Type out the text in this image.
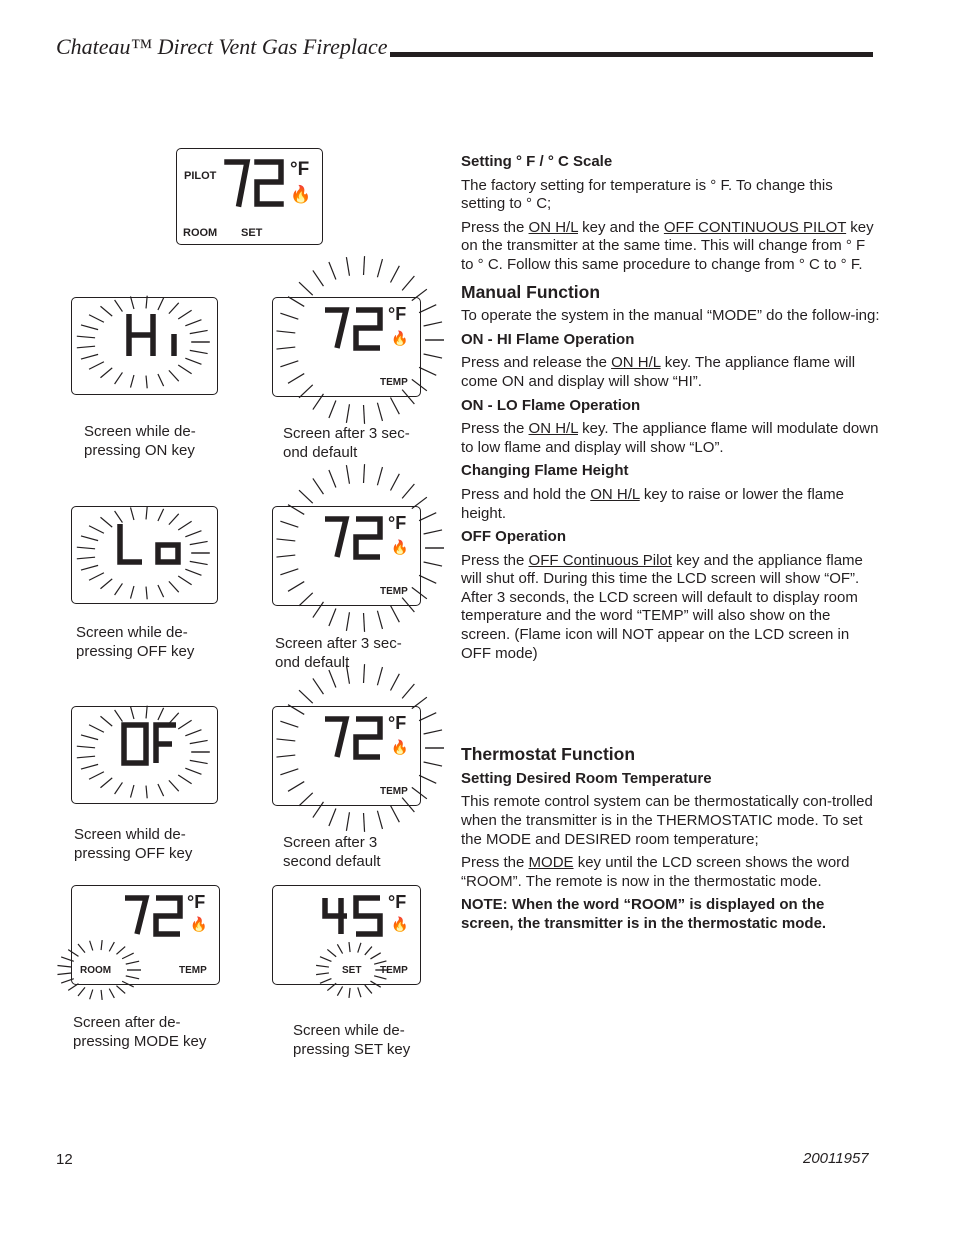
Chateau™ Direct Vent Gas Fireplace
PILOT	°F
🔥
ROOM SET
°F
🔥
TEMP
°F
🔥
TEMP
°F
🔥
TEMP
°F
🔥
ROOM	TEMP
°F
🔥
SET TEMP
Screen while de-
pressing ON key
Screen after 3 sec-
ond default
Screen while de-
pressing OFF key	Screen after 3 sec-
ond default
Screen whild de-
pressing OFF key
Screen after 3
second default
Screen after de-
pressing MODE key
Screen while de-
pressing SET key
Setting ° F / ° C Scale

The factory setting for temperature is ° F. To change this setting to ° C;

Press the ON H/L key and the OFF CONTINUOUS PILOT key on the transmitter at the same time. This will change from ° F to ° C. Follow this same procedure to change from ° C to ° F.

Manual Function

To operate the system in the manual “MODE” do the follow-ing:

ON - HI Flame Operation

Press and release the ON H/L key. The appliance flame will come ON and display will show “HI”.

ON - LO Flame Operation

Press the ON H/L key. The appliance flame will modulate down to low flame and display will show “LO”.

Changing Flame Height

Press and hold the ON H/L key to raise or lower the flame height.

OFF Operation

Press the OFF Continuous Pilot key and the appliance flame will shut off. During this time the LCD screen will show “OF”. After 3 seconds, the LCD screen will default to display room temperature and the word “TEMP” will also show on the screen. (Flame icon will NOT appear on the LCD screen in OFF mode)

Thermostat Function
Setting Desired Room Temperature

This remote control system can be thermostatically con-trolled when the transmitter is in the THERMOSTATIC mode. To set the MODE and DESIRED room temperature;

Press the MODE key until the LCD screen shows the word “ROOM”. The remote is now in the thermostatic mode.

NOTE: When the word “ROOM” is displayed on the screen, the transmitter is in the thermostatic mode.

12	20011957
